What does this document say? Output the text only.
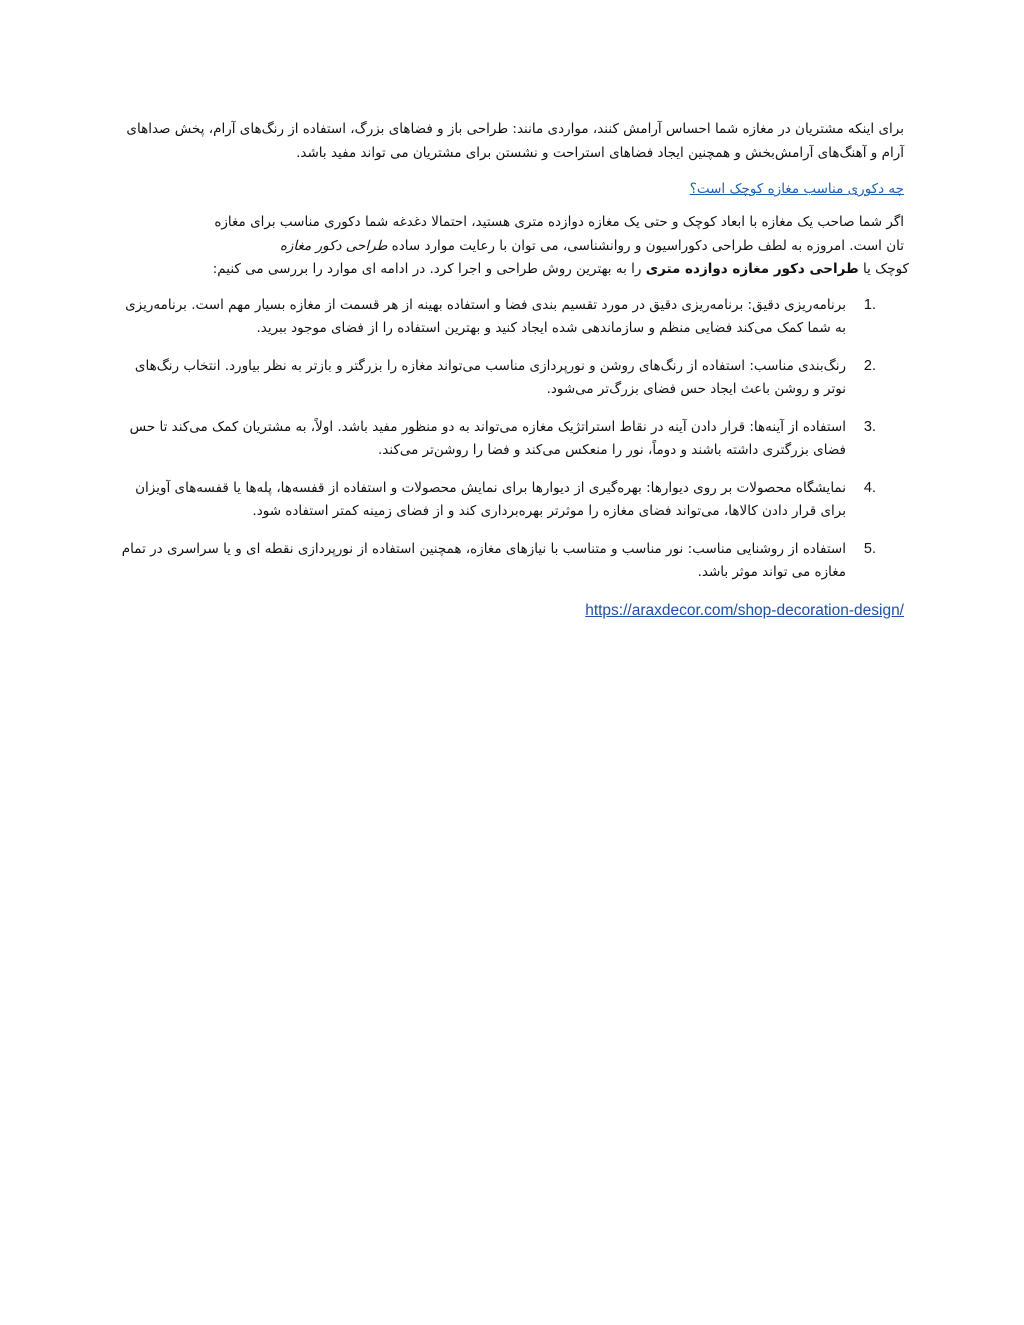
برای اینکه مشتریان در مغازه شما احساس آرامش کنند، مواردی مانند: طراحی باز و فضاهای بزرگ، استفاده از رنگ‌های آرام، پخش صداهای آرام و آهنگ‌های آرامش‌بخش و همچنین ایجاد فضاهای استراحت و نشستن برای مشتریان می تواند مفید باشد.

چه دکوری مناسب مغازه کوچک است؟

اگر شما صاحب یک مغازه با ابعاد کوچک و حتی یک مغازه دوازده متری هستید، احتمالا دغدغه شما دکوری مناسب برای مغازه
تان است. امروزه به لطف طراحی دکوراسیون و روانشناسی، می توان با رعایت موارد ساده طراحی دکور مغازه
کوچک یا طراحی دکور مغازه دوازده متری را به بهترین روش طراحی و اجرا کرد. در ادامه ای موارد را بررسی می کنیم:

1.
برنامه‌ریزی دقیق: برنامه‌ریزی دقیق در مورد تقسیم بندی فضا و استفاده بهینه از هر قسمت از مغازه بسیار مهم است. برنامه‌ریزی به شما کمک می‌کند فضایی منظم و سازماندهی شده ایجاد کنید و بهترین استفاده را از فضای موجود ببرید.
2.
رنگ‌بندی مناسب: استفاده از رنگ‌های روشن و نورپردازی مناسب می‌تواند مغازه را بزرگتر و بازتر به نظر بیاورد. انتخاب رنگ‌های نوتر و روشن باعث ایجاد حس فضای بزرگ‌تر می‌شود.
3.
استفاده از آینه‌ها: قرار دادن آینه در نقاط استراتژیک مغازه می‌تواند به دو منظور مفید باشد. اولاً، به مشتریان کمک می‌کند تا حس فضای بزرگتری داشته باشند و دوماً، نور را منعکس می‌کند و فضا را روشن‌تر می‌کند.
4.
نمایشگاه محصولات بر روی دیوارها: بهره‌گیری از دیوارها برای نمایش محصولات و استفاده از قفسه‌ها، پله‌ها یا قفسه‌های آویزان برای قرار دادن کالاها، می‌تواند فضای مغازه را موثرتر بهره‌برداری کند و از فضای زمینه کمتر استفاده شود.
5.
استفاده از روشنایی مناسب: نور مناسب و متناسب با نیازهای مغازه، همچنین استفاده از نورپردازی نقطه ای و یا سراسری در تمام مغازه می تواند موثر باشد.
https://araxdecor.com/shop-decoration-design/
